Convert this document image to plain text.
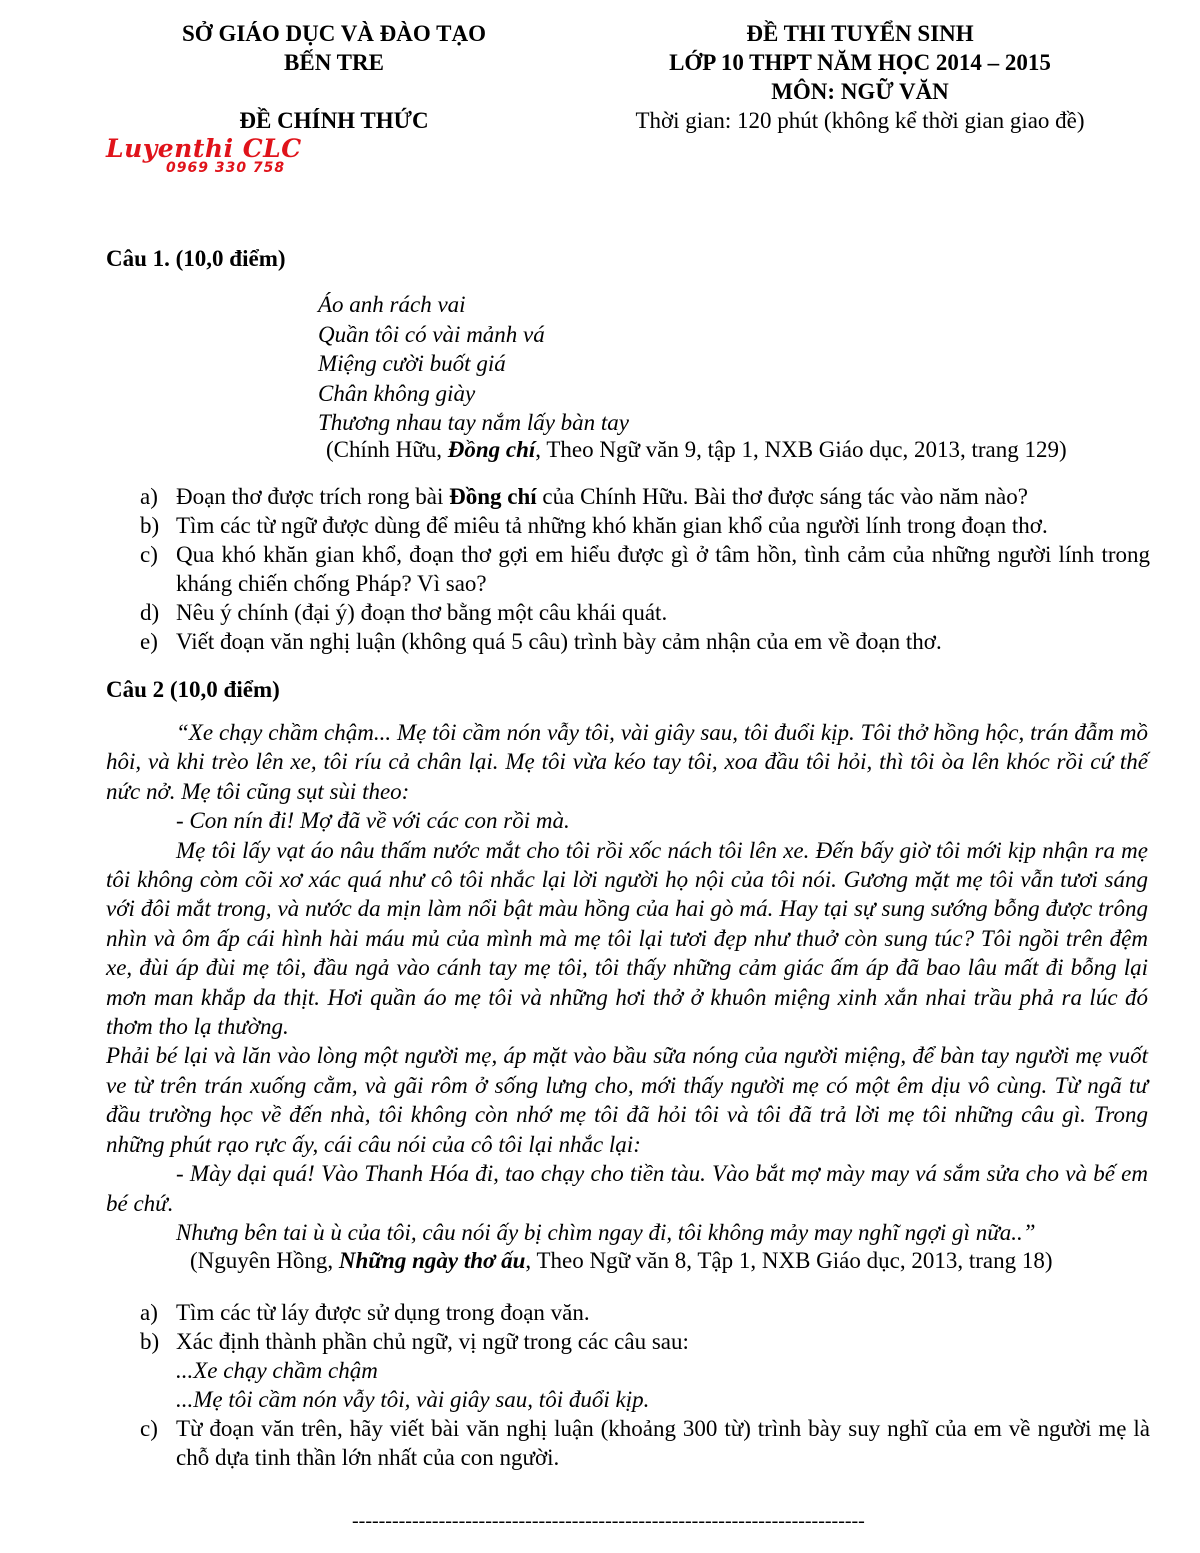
SỞ GIÁO DỤC VÀ ĐÀO TẠO
BẾN TRE
ĐỀ CHÍNH THỨC
ĐỀ THI TUYỂN SINH
LỚP 10 THPT NĂM HỌC 2014 – 2015
MÔN: NGỮ VĂN
Thời gian: 120 phút (không kể thời gian giao đề)
Luyenthi CLC
0969 330 758
Câu 1. (10,0 điểm)
Áo anh rách vai
Quần tôi có vài mảnh vá
Miệng cười buốt giá
Chân không giày
Thương nhau tay nắm lấy bàn tay
(Chính Hữu, Đồng chí, Theo Ngữ văn 9, tập 1, NXB Giáo dục, 2013, trang 129)
a) Đoạn thơ được trích rong bài Đồng chí của Chính Hữu. Bài thơ được sáng tác vào năm nào?
b) Tìm các từ ngữ được dùng để miêu tả những khó khăn gian khổ của người lính trong đoạn thơ.
c) Qua khó khăn gian khổ, đoạn thơ gợi em hiểu được gì ở tâm hồn, tình cảm của những người lính trong kháng chiến chống Pháp? Vì sao?
d) Nêu ý chính (đại ý) đoạn thơ bằng một câu khái quát.
e) Viết đoạn văn nghị luận (không quá 5 câu) trình bày cảm nhận của em về đoạn thơ.
Câu 2 (10,0 điểm)

“Xe chạy chầm chậm... Mẹ tôi cầm nón vẫy tôi, vài giây sau, tôi đuổi kịp. Tôi thở hồng hộc, trán đẫm mồ hôi, và khi trèo lên xe, tôi ríu cả chân lại. Mẹ tôi vừa kéo tay tôi, xoa đầu tôi hỏi, thì tôi òa lên khóc rồi cứ thế nức nở. Mẹ tôi cũng sụt sùi theo:

- Con nín đi! Mợ đã về với các con rồi mà.

Mẹ tôi lấy vạt áo nâu thấm nước mắt cho tôi rồi xốc nách tôi lên xe. Đến bấy giờ tôi mới kịp nhận ra mẹ tôi không còm cõi xơ xác quá như cô tôi nhắc lại lời người họ nội của tôi nói. Gương mặt mẹ tôi vẫn tươi sáng với đôi mắt trong, và nước da mịn làm nổi bật màu hồng của hai gò má. Hay tại sự sung sướng bỗng được trông nhìn và ôm ấp cái hình hài máu mủ của mình mà mẹ tôi lại tươi đẹp như thuở còn sung túc? Tôi ngồi trên đệm xe, đùi áp đùi mẹ tôi, đầu ngả vào cánh tay mẹ tôi, tôi thấy những cảm giác ấm áp đã bao lâu mất đi bỗng lại mơn man khắp da thịt. Hơi quần áo mẹ tôi và những hơi thở ở khuôn miệng xinh xắn nhai trầu phả ra lúc đó thơm tho lạ thường.

Phải bé lại và lăn vào lòng một người mẹ, áp mặt vào bầu sữa nóng của người miệng, để bàn tay người mẹ vuốt ve từ trên trán xuống cằm, và gãi rôm ở sống lưng cho, mới thấy người mẹ có một êm dịu vô cùng. Từ ngã tư đầu trường học về đến nhà, tôi không còn nhớ mẹ tôi đã hỏi tôi và tôi đã trả lời mẹ tôi những câu gì. Trong những phút rạo rực ấy, cái câu nói của cô tôi lại nhắc lại:

- Mày dại quá! Vào Thanh Hóa đi, tao chạy cho tiền tàu. Vào bắt mợ mày may vá sắm sửa cho và bế em bé chứ.

Nhưng bên tai ù ù của tôi, câu nói ấy bị chìm ngay đi, tôi không mảy may nghĩ ngợi gì nữa..”

(Nguyên Hồng, Những ngày thơ ấu, Theo Ngữ văn 8, Tập 1, NXB Giáo dục, 2013, trang 18)
a) Tìm các từ láy được sử dụng trong đoạn văn.
b) Xác định thành phần chủ ngữ, vị ngữ trong các câu sau:
...Xe chạy chầm chậm
...Mẹ tôi cầm nón vẫy tôi, vài giây sau, tôi đuổi kịp.
c) Từ đoạn văn trên, hãy viết bài văn nghị luận (khoảng 300 từ) trình bày suy nghĩ của em về người mẹ là chỗ dựa tinh thần lớn nhất của con người.
-----------------------------------------------------------------------------
